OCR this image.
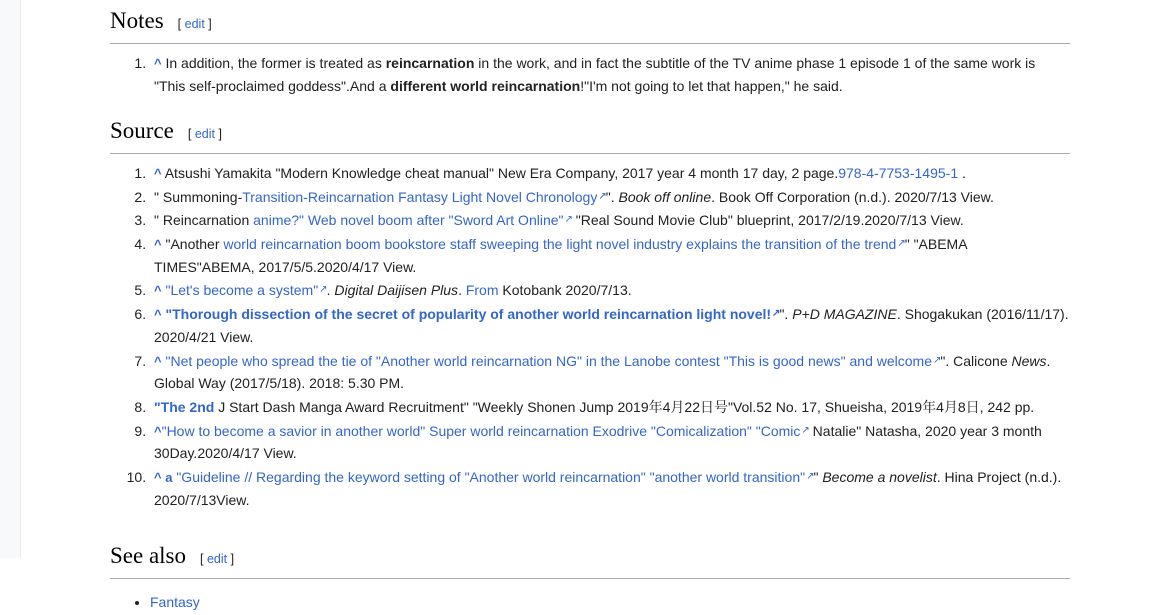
Notes [ edit ]
1. ^ In addition, the former is treated as reincarnation in the work, and in fact the subtitle of the TV anime phase 1 episode 1 of the same work is "This self-proclaimed goddess".And a different world reincarnation!"I'm not going to let that happen," he said.
Source [ edit ]
1. ^ Atsushi Yamakita "Modern Knowledge cheat manual" New Era Company, 2017 year 4 month 17 day, 2 page.978-4-7753-1495-1 .
2. " Summoning-Transition-Reincarnation Fantasy Light Novel Chronology ↗ ". Book off online. Book Off Corporation (n.d.). 2020/7/13 View.
3. " Reincarnation anime?" Web novel boom after "Sword Art Online" ↗ "Real Sound Movie Club" blueprint, 2017/2/19.2020/7/13 View.
4. ^ "Another world reincarnation boom bookstore staff sweeping the light novel industry explains the transition of the trend ↗ " "ABEMA TIMES"ABEMA, 2017/5/5.2020/4/17 View.
5. ^ "Let's become a system" ↗ . Digital Daijisen Plus. From Kotobank 2020/7/13.
6. ^ "Thorough dissection of the secret of popularity of another world reincarnation light novel! ↗ ". P+D MAGAZINE. Shogakukan (2016/11/17). 2020/4/21 View.
7. ^ "Net people who spread the tie of "Another world reincarnation NG" in the Lanobe contest "This is good news" and welcome ↗ ". Calicone News. Global Way (2017/5/18). 2018: 5.30 PM.
8. "The 2nd J Start Dash Manga Award Recruitment" "Weekly Shonen Jump 2019年4月22日号"Vol.52 No. 17, Shueisha, 2019年4月8日, 242 pp.
9. ^"How to become a savior in another world" Super world reincarnation Exodrive "Comicalization" "Comic ↗ Natalie" Natasha, 2020 year 3 month 30Day.2020/4/17 View.
10. ^ a "Guideline // Regarding the keyword setting of "Another world reincarnation" "another world transition" ↗ " Become a novelist. Hina Project (n.d.). 2020/7/13View.
See also [ edit ]
• Fantasy
